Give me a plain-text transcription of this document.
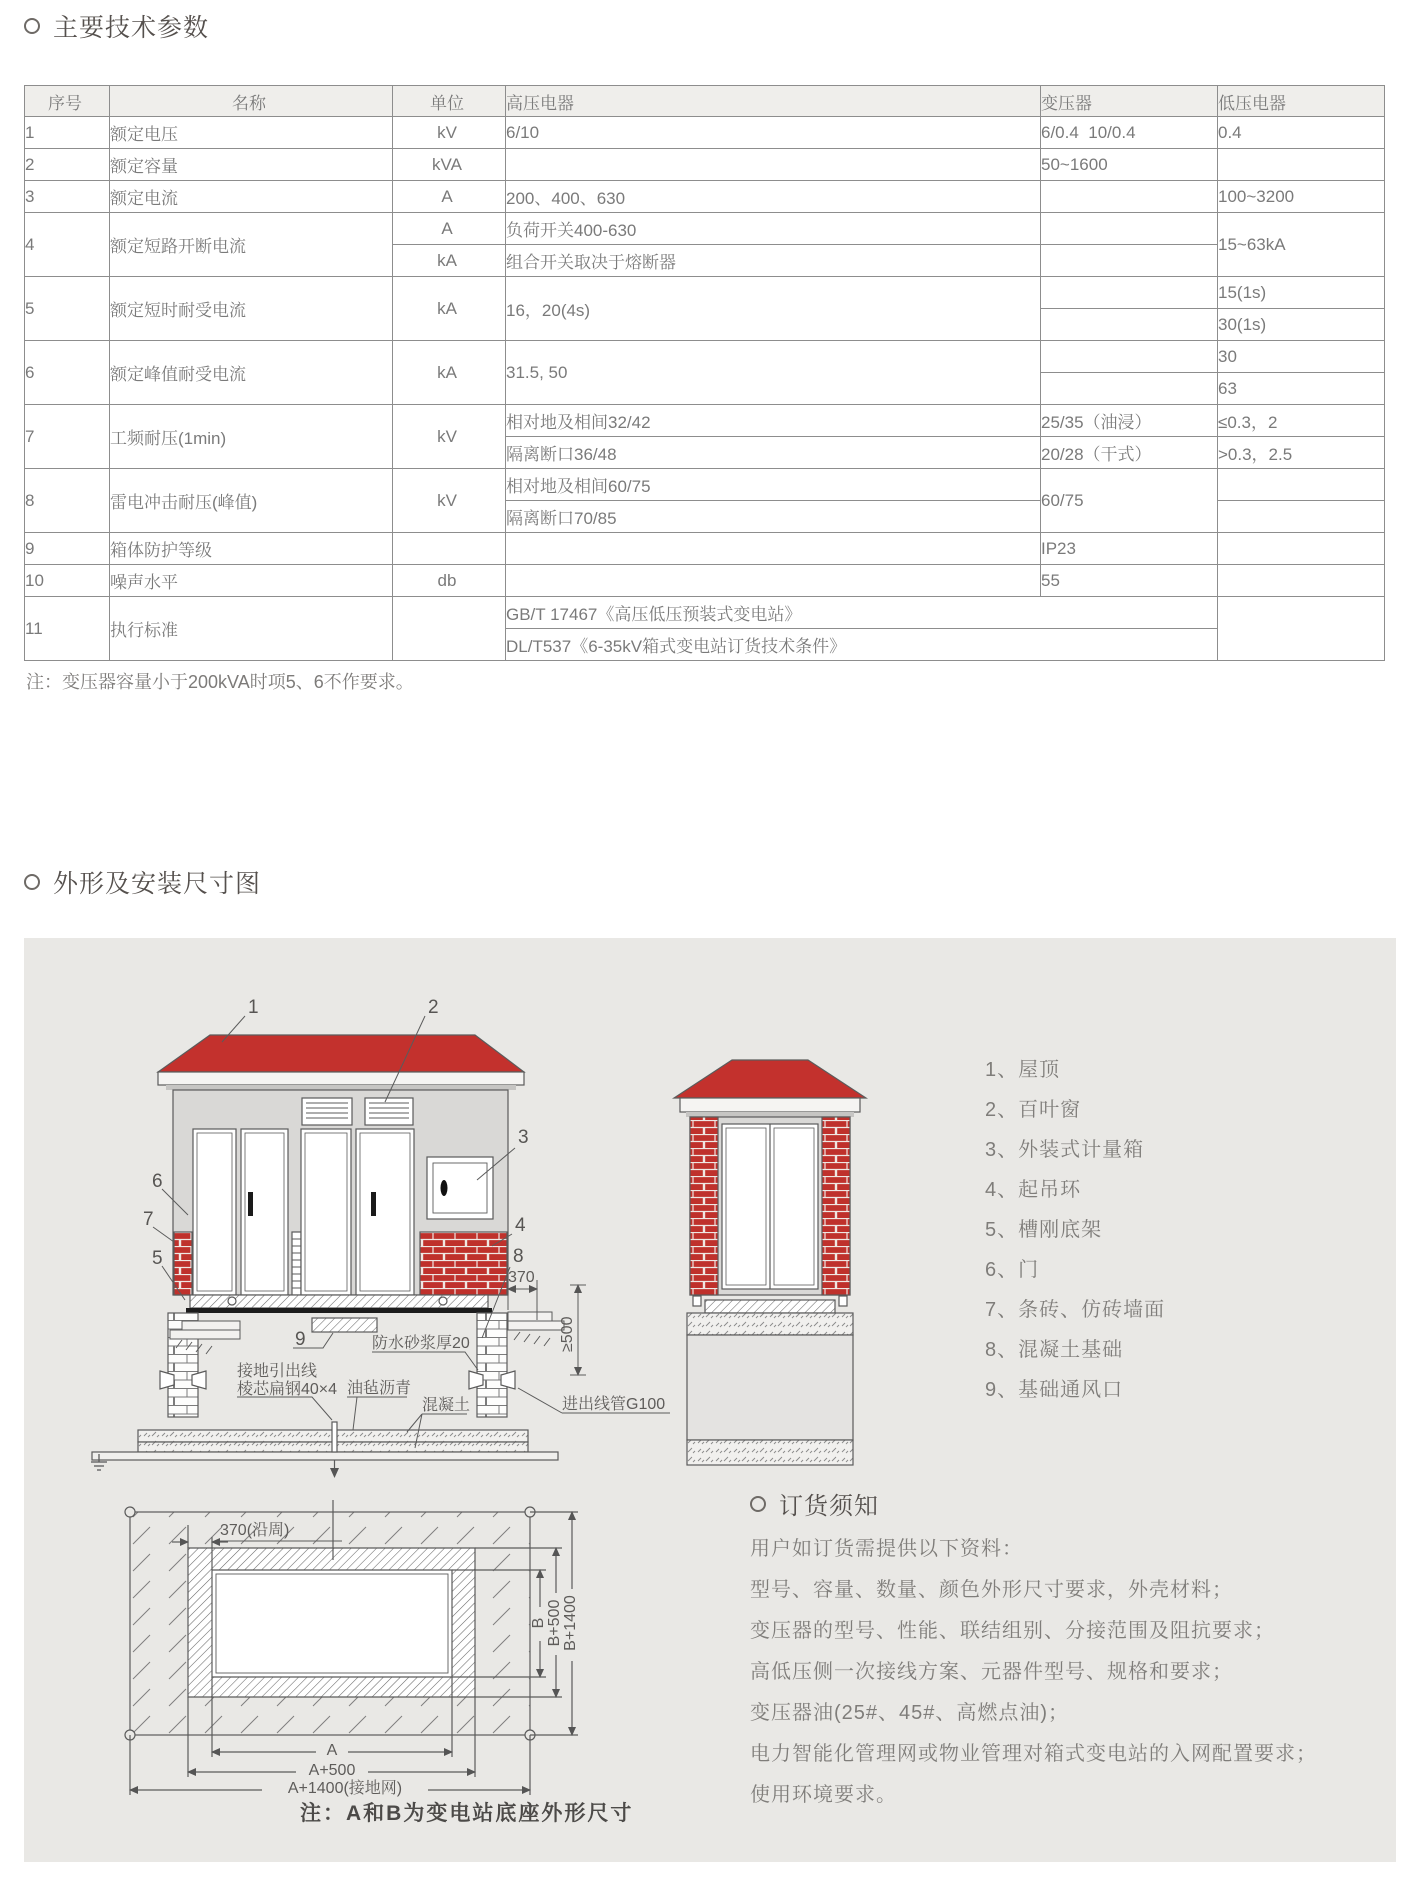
主要技术参数
序号	名称	单位	高压电器	变压器	低压电器
1	额定电压	kV	6/10	6/0.4  10/0.4	0.4
2	额定容量	kVA		50~1600	
3	额定电流	A	200、400、630		100~3200
4	额定短路开断电流	A	负荷开关400-630		15~63kA
		kA	组合开关取决于熔断器		
5	额定短时耐受电流	kA	16，20(4s)		15(1s)
					30(1s)
6	额定峰值耐受电流	kA	31.5, 50		30
					63
7	工频耐压(1min)	kV	相对地及相间32/42	25/35（油浸）	≤0.3，2
			隔离断口36/48	20/28（干式）	>0.3，2.5
8	雷电冲击耐压(峰值)	kV	相对地及相间60/75	60/75	
			隔离断口70/85		
9	箱体防护等级			IP23	
10	噪声水平	db		55	
11	执行标准		GB/T 17467《高压低压预装式变电站》		
			DL/T537《6-35kV箱式变电站订货技术条件》		
注：变压器容量小于200kVA时项5、6不作要求。
外形及安装尺寸图
1	2
3
4
5
6
7
8
9
370
≥500
防水砂浆厚20
接地引出线
棱芯扁钢40×4 油毡沥青
混凝土	进出线管G100
1、屋顶
2、百叶窗
3、外装式计量箱
4、起吊环
5、槽刚底架
6、门
7、条砖、仿砖墙面
8、混凝土基础
9、基础通风口
370(沿周)
A
A+500
A+1400(接地网)
B B+500 B+1400
注：A和B为变电站底座外形尺寸
订货须知
用户如订货需提供以下资料：
型号、容量、数量、颜色外形尺寸要求，外壳材料；
变压器的型号、性能、联结组别、分接范围及阻抗要求；
高低压侧一次接线方案、元器件型号、规格和要求；
变压器油(25#、45#、高燃点油)；
电力智能化管理网或物业管理对箱式变电站的入网配置要求；
使用环境要求。
